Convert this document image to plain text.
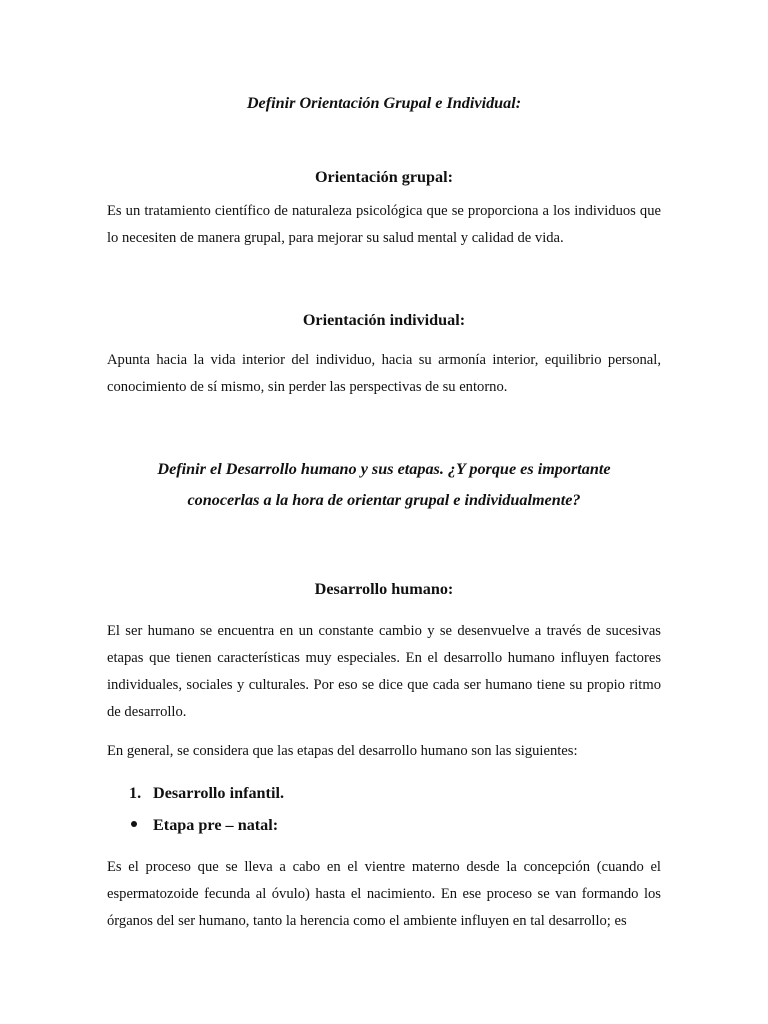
Definir Orientación Grupal e Individual:

Orientación grupal:

Es un tratamiento científico de naturaleza psicológica que se proporciona a los individuos que lo necesiten de manera grupal, para mejorar su salud mental y calidad de vida.

Orientación individual:

Apunta hacia la vida interior del individuo, hacia su armonía interior, equilibrio personal, conocimiento de sí mismo, sin perder las perspectivas de su entorno.

Definir el Desarrollo humano y sus etapas. ¿Y porque es importante

conocerlas a la hora de orientar grupal e individualmente?

Desarrollo humano:

El ser humano se encuentra en un constante cambio y se desenvuelve a través de sucesivas etapas que tienen características muy especiales. En el desarrollo humano influyen factores individuales, sociales y culturales. Por eso se dice que cada ser humano tiene su propio ritmo de desarrollo.

En general, se considera que las etapas del desarrollo humano son las siguientes:

1. Desarrollo infantil.
Etapa pre – natal:

Es el proceso que se lleva a cabo en el vientre materno desde la concepción (cuando el espermatozoide fecunda al óvulo) hasta el nacimiento. En ese proceso se van formando los órganos del ser humano, tanto la herencia como el ambiente influyen en tal desarrollo; es
